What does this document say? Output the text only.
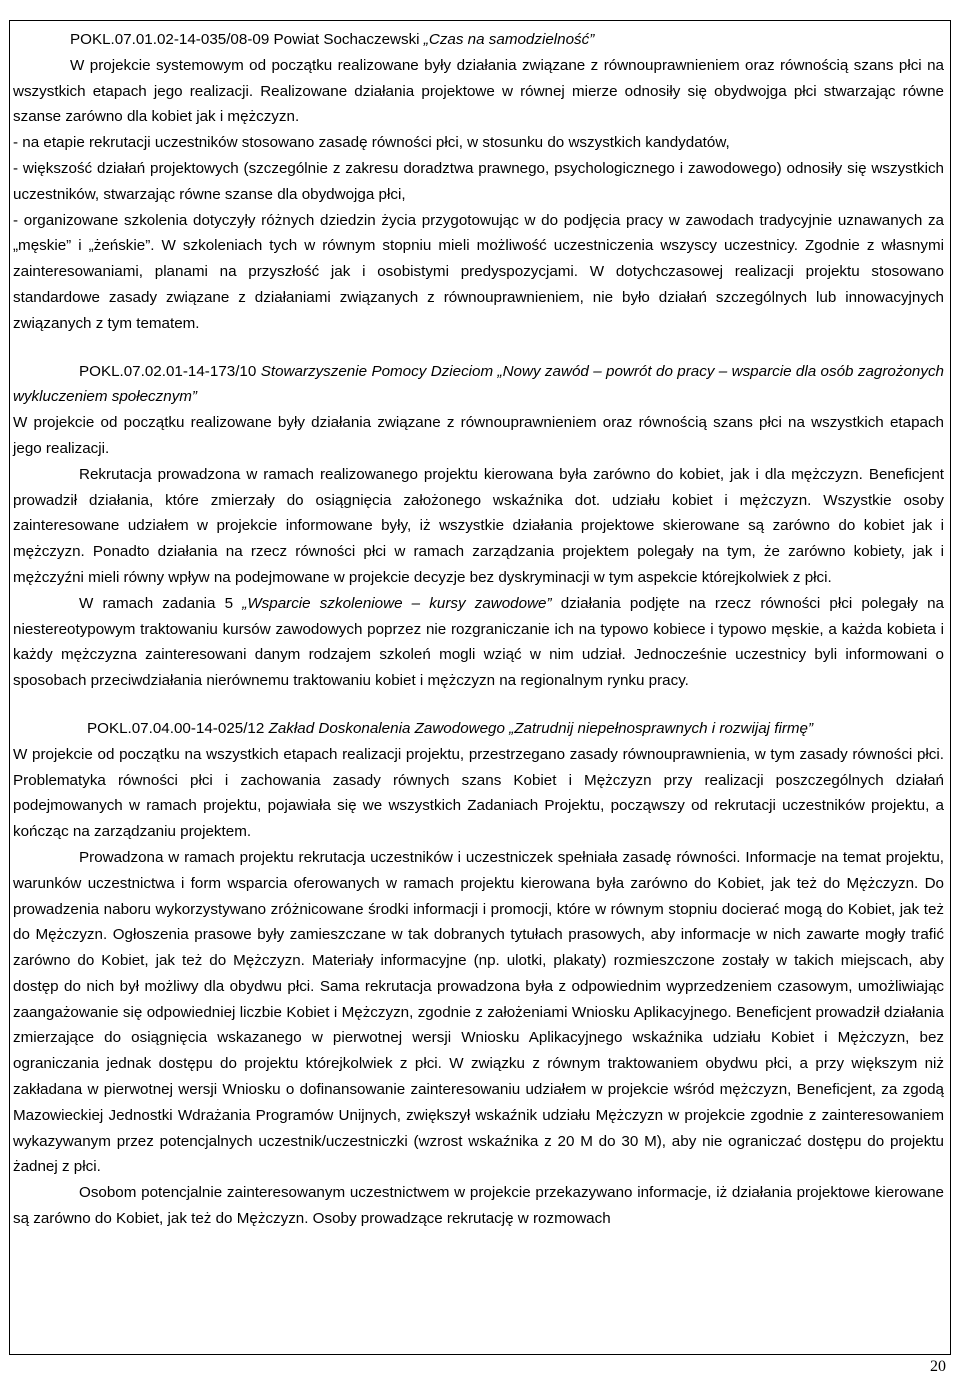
POKL.07.01.02-14-035/08-09 Powiat Sochaczewski „Czas na samodzielność”

W projekcie systemowym od początku realizowane były działania związane z równouprawnieniem oraz równością szans płci na wszystkich etapach jego realizacji. Realizowane działania projektowe w równej mierze odnosiły się obydwojga płci stwarzając równe szanse zarówno dla kobiet jak i mężczyzn.

- na etapie rekrutacji uczestników stosowano zasadę równości płci, w stosunku do wszystkich kandydatów,

- większość działań projektowych (szczególnie z zakresu doradztwa prawnego, psychologicznego i zawodowego) odnosiły się wszystkich uczestników, stwarzając równe szanse dla obydwojga płci,

- organizowane szkolenia dotyczyły różnych dziedzin życia przygotowując w do podjęcia pracy w zawodach tradycyjnie uznawanych za „męskie” i „żeńskie”. W szkoleniach tych w równym stopniu mieli możliwość uczestniczenia wszyscy uczestnicy. Zgodnie z własnymi zainteresowaniami, planami na przyszłość jak i osobistymi predyspozycjami. W dotychczasowej realizacji projektu stosowano standardowe zasady związane z działaniami związanych z równouprawnieniem, nie było działań szczególnych lub innowacyjnych związanych z tym tematem.

POKL.07.02.01-14-173/10 Stowarzyszenie Pomocy Dzieciom „Nowy zawód – powrót do pracy – wsparcie dla osób zagrożonych wykluczeniem społecznym”

W projekcie od początku realizowane były działania związane z równouprawnieniem oraz równością szans płci na wszystkich etapach jego realizacji.

Rekrutacja prowadzona w ramach realizowanego projektu kierowana była zarówno do kobiet, jak i dla mężczyzn. Beneficjent prowadził działania, które zmierzały do osiągnięcia założonego wskaźnika dot. udziału kobiet i mężczyzn. Wszystkie osoby zainteresowane udziałem w projekcie informowane były, iż wszystkie działania projektowe skierowane są zarówno do kobiet jak i mężczyzn. Ponadto działania na rzecz równości płci w ramach zarządzania projektem polegały na tym, że zarówno kobiety, jak i mężczyźni mieli równy wpływ na podejmowane w projekcie decyzje bez dyskryminacji w tym aspekcie którejkolwiek z płci.

W ramach zadania 5 „Wsparcie szkoleniowe – kursy zawodowe” działania podjęte na rzecz równości płci polegały na niestereotypowym traktowaniu kursów zawodowych poprzez nie rozgraniczanie ich na typowo kobiece i typowo męskie, a każda kobieta i każdy mężczyzna zainteresowani danym rodzajem szkoleń mogli wziąć w nim udział. Jednocześnie uczestnicy byli informowani o sposobach przeciwdziałania nierównemu traktowaniu kobiet i mężczyzn na regionalnym rynku pracy.

POKL.07.04.00-14-025/12 Zakład Doskonalenia Zawodowego „Zatrudnij niepełnosprawnych i rozwijaj firmę”

W projekcie od początku na wszystkich etapach realizacji projektu, przestrzegano zasady równouprawnienia, w tym zasady równości płci. Problematyka równości płci i zachowania zasady równych szans Kobiet i Mężczyzn przy realizacji poszczególnych działań podejmowanych w ramach projektu, pojawiała się we wszystkich Zadaniach Projektu, począwszy od rekrutacji uczestników projektu, a kończąc na zarządzaniu projektem.

Prowadzona w ramach projektu rekrutacja uczestników i uczestniczek spełniała zasadę równości. Informacje na temat projektu, warunków uczestnictwa i form wsparcia oferowanych w ramach projektu kierowana była zarówno do Kobiet, jak też do Mężczyzn. Do prowadzenia naboru wykorzystywano zróżnicowane środki informacji i promocji, które w równym stopniu docierać mogą do Kobiet, jak też do Mężczyzn. Ogłoszenia prasowe były zamieszczane w tak dobranych tytułach prasowych, aby informacje w nich zawarte mogły trafić zarówno do Kobiet, jak też do Mężczyzn. Materiały informacyjne (np. ulotki, plakaty) rozmieszczone zostały w takich miejscach, aby dostęp do nich był możliwy dla obydwu płci. Sama rekrutacja prowadzona była z odpowiednim wyprzedzeniem czasowym, umożliwiając zaangażowanie się odpowiedniej liczbie Kobiet i Mężczyzn, zgodnie z założeniami Wniosku Aplikacyjnego. Beneficjent prowadził działania zmierzające do osiągnięcia wskazanego w pierwotnej wersji Wniosku Aplikacyjnego wskaźnika udziału Kobiet i Mężczyzn, bez ograniczania jednak dostępu do projektu którejkolwiek z płci. W związku z równym traktowaniem obydwu płci, a przy większym niż zakładana w pierwotnej wersji Wniosku o dofinansowanie zainteresowaniu udziałem w projekcie wśród mężczyzn, Beneficjent, za zgodą Mazowieckiej Jednostki Wdrażania Programów Unijnych, zwiększył wskaźnik udziału Mężczyzn w projekcie zgodnie z zainteresowaniem wykazywanym przez potencjalnych uczestnik/uczestniczki (wzrost wskaźnika z 20 M do 30 M), aby nie ograniczać dostępu do projektu żadnej z płci.

Osobom potencjalnie zainteresowanym uczestnictwem w projekcie przekazywano informacje, iż działania projektowe kierowane są zarówno do Kobiet, jak też do Mężczyzn. Osoby prowadzące rekrutację w rozmowach

20
